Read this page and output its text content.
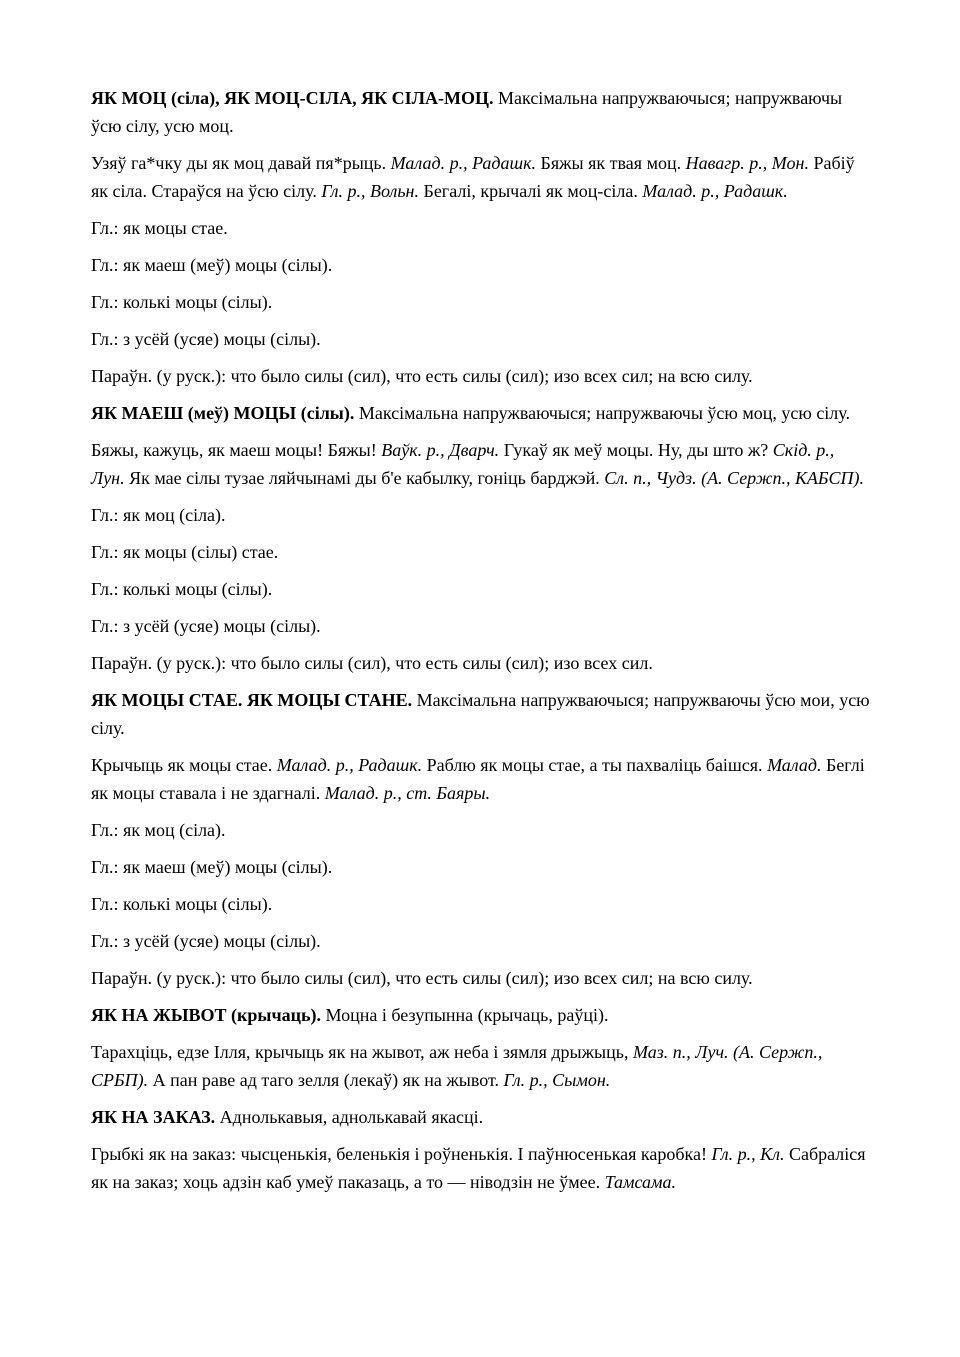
ЯК МОЦ (сіла), ЯК МОЦ-СІЛА, ЯК СІЛА-МОЦ. Максімальна напружваючыся; напружваючы ўсю сілу, усю моц.

Узяў га*чку ды як моц давай пя*рыць. Малад. р., Радашк. Бяжы як твая моц. Навагр. р., Мон. Рабіў як сіла. Стараўся на ўсю сілу. Гл. р., Вольн. Бегалі, крычалі як моц-сіла. Малад. р., Радашк.

Гл.: як моцы стае.

Гл.: як маеш (меў) моцы (сілы).

Гл.: колькі моцы (сілы).

Гл.: з усёй (усяе) моцы (сілы).

Параўн. (у руск.): что было силы (сил), что есть силы (сил); изо всех сил; на всю силу.

ЯК МАЕШ (меў) МОЦЫ (сілы). Максімальна напружваючыся; напружваючы ўсю моц, усю сілу.

Бяжы, кажуць, як маеш моцы! Бяжы! Ваўк. р., Дварч. Гукаў як меў моцы. Ну, ды што ж? Скід. р., Лун. Як мае сілы тузае ляйчынамі ды б'е кабылку, гоніць барджэй. Сл. п., Чудз. (А. Сержп., КАБСП).

Гл.: як моц (сіла).

Гл.: як моцы (сілы) стае.

Гл.: колькі моцы (сілы).

Гл.: з усёй (усяе) моцы (сілы).

Параўн. (у руск.): что было силы (сил), что есть силы (сил); изо всех сил.

ЯК МОЦЫ СТАЕ. ЯК МОЦЫ СТАНЕ. Максімальна напружваючыся; напружваючы ўсю мои, усю сілу.

Крычыць як моцы стае. Малад. р., Радашк. Раблю як моцы стае, а ты пахваліць баішся. Малад. Беглі як моцы ставала і не здагналі. Малад. р., ст. Баяры.

Гл.: як моц (сіла).

Гл.: як маеш (меў) моцы (сілы).

Гл.: колькі моцы (сілы).

Гл.: з усёй (усяе) моцы (сілы).

Параўн. (у руск.): что было силы (сил), что есть силы (сил); изо всех сил; на всю силу.

ЯК НА ЖЫВОТ (крычаць). Моцна і безупынна (крычаць, раўці).

Тарахціць, едзе Ілля, крычыць як на жывот, аж неба і зямля дрыжыць, Маз. п., Луч. (А. Сержп., СРБП). А пан раве ад таго зелля (лекаў) як на жывот. Гл. р., Сымон.

ЯК НА ЗАКАЗ. Аднолькавыя, аднолькавай якасці.

Грыбкі як на заказ: чысценькія, беленькія і роўненькія. І паўнюсенькая каробка! Гл. р., Кл. Сабраліся як на заказ; хоць адзін каб умеў паказаць, а то — ніводзін не ўмее. Тамсама.
